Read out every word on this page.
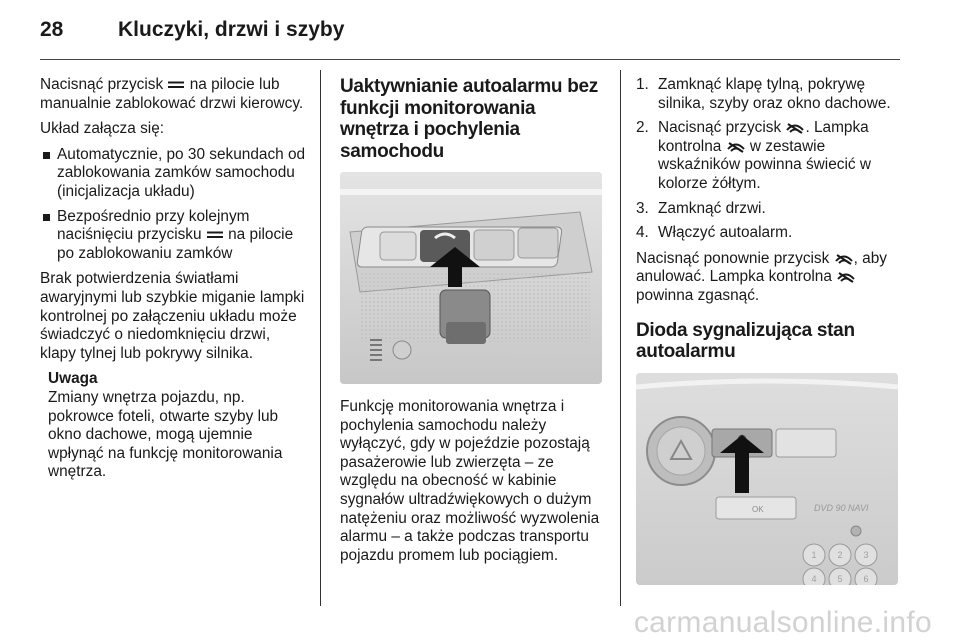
28	Kluczyki, drzwi i szyby

Nacisnąć przycisk na pilocie lub manualnie zablokować drzwi kierowcy.

Układ załącza się:

Automatycznie, po 30 sekundach od zablokowania zamków samochodu (inicjalizacja układu)
Bezpośrednio przy kolejnym naciśnięciu przycisku na pilocie po zablokowaniu zamków

Brak potwierdzenia światłami awaryjnymi lub szybkie miganie lampki kontrolnej po załączeniu układu może świadczyć o niedomknięciu drzwi, klapy tylnej lub pokrywy silnika.

Uwaga
Zmiany wnętrza pojazdu, np. pokrowce foteli, otwarte szyby lub okno dachowe, mogą ujemnie wpłynąć na funkcję monitorowania wnętrza.
Uaktywnianie autoalarmu bez funkcji monitorowania wnętrza i pochylenia samochodu

Funkcję monitorowania wnętrza i pochylenia samochodu należy wyłączyć, gdy w pojeździe pozostają pasażerowie lub zwierzęta – ze względu na obecność w kabinie sygnałów ultradźwiękowych o dużym natężeniu oraz możliwość wyzwolenia alarmu – a także podczas transportu pojazdu promem lub pociągiem.

1. Zamknąć klapę tylną, pokrywę silnika, szyby oraz okno dachowe.
2. Nacisnąć przycisk . Lampka kontrolna w zestawie wskaźników powinna świecić w kolorze żółtym.
3. Zamknąć drzwi.
4. Włączyć autoalarm.

Nacisnąć ponownie przycisk , aby anulować. Lampka kontrolna  powinna zgasnąć.

Dioda sygnalizująca stan autoalarmu
OK	DVD 90 NAVI
1 2 3
4 5 6
carmanualsonline.info
